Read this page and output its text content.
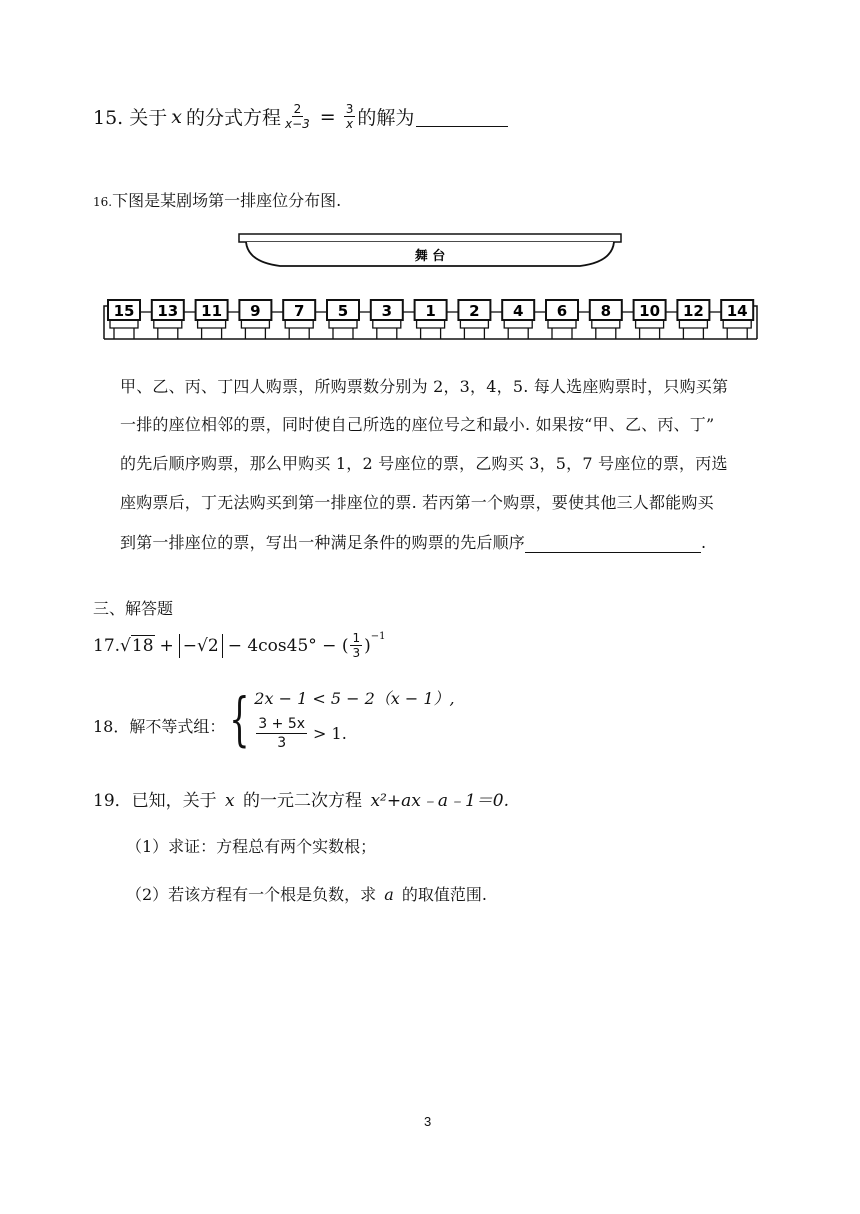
15. 关于 x 的分式方程 $\frac{2}{x-3} = \frac{3}{x}$ 的解为
16.下图是某剧场第一排座位分布图.
舞 台
15 13 11 9 7 5 3 1 2 4 6 8 10 12 14
甲、乙、丙、丁四人购票，所购票数分别为 2，3，4，5. 每人选座购票时，只购买第
一排的座位相邻的票，同时使自己所选的座位号之和最小. 如果按“甲、乙、丙、丁”
的先后顺序购票，那么甲购买 1，2 号座位的票，乙购买 3，5，7 号座位的票，丙选
座购票后，丁无法购买到第一排座位的票. 若丙第一个购票，要使其他三人都能购买
到第一排座位的票，写出一种满足条件的购票的先后顺序	.
三、解答题
17. √ 18 + −√2 − 4cos45° − ( $\frac{1}{3} )^{-1}$
18．解不等式组： { 2x − 1 < 5 − 2（x − 1）,
$\frac{3 + 5x}{3} > 1$.
19．已知，关于 x 的一元二次方程 x²+ax﹣a﹣1＝0.
（1）求证：方程总有两个实数根；
（2）若该方程有一个根是负数，求 a 的取值范围.
3
